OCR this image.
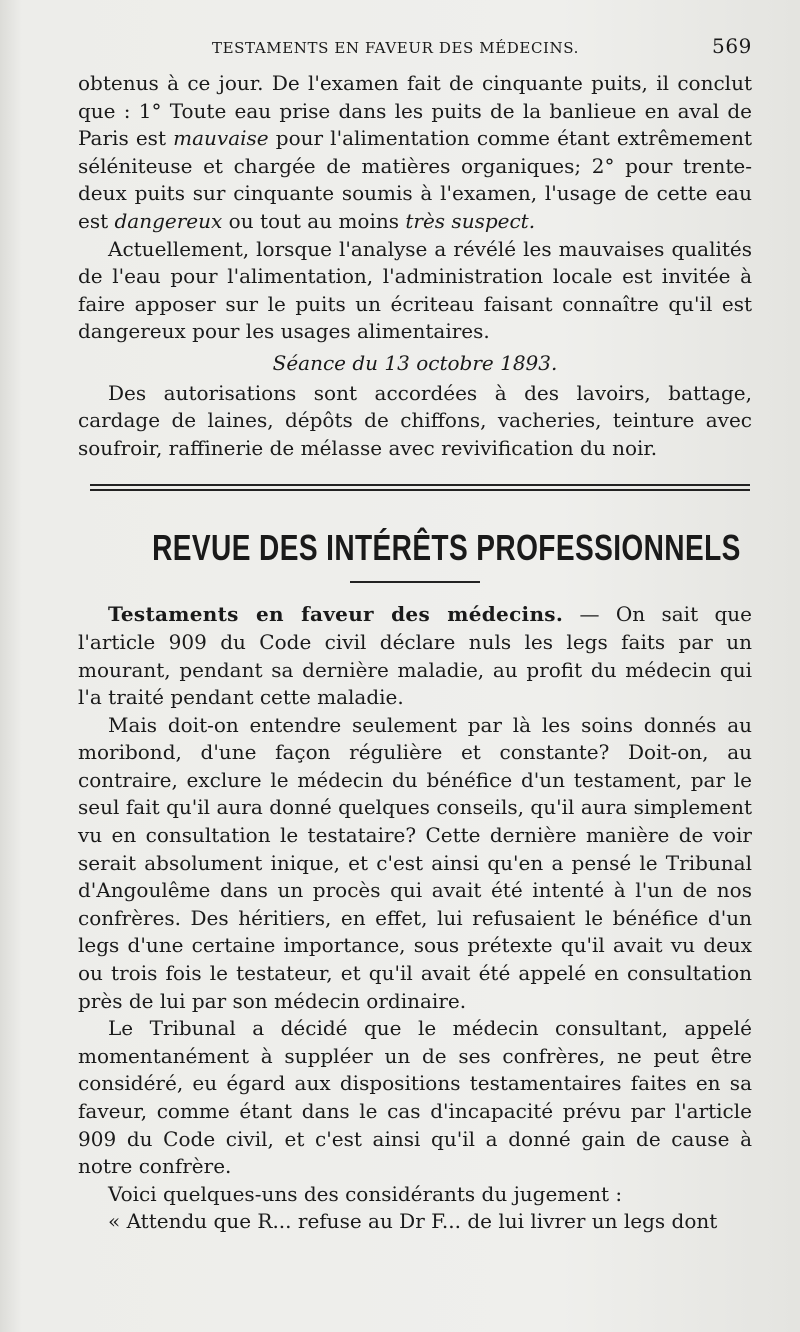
TESTAMENTS EN FAVEUR DES MÉDECINS.	569

obtenus à ce jour. De l'examen fait de cinquante puits, il conclut que : 1° Toute eau prise dans les puits de la banlieue en aval de Paris est mauvaise pour l'alimentation comme étant extrêmement séléniteuse et chargée de matières organiques; 2° pour trente-deux puits sur cinquante soumis à l'examen, l'usage de cette eau est dangereux ou tout au moins très suspect.

Actuellement, lorsque l'analyse a révélé les mauvaises qualités de l'eau pour l'alimentation, l'administration locale est invitée à faire apposer sur le puits un écriteau faisant connaître qu'il est dangereux pour les usages alimentaires.

Séance du 13 octobre 1893.

Des autorisations sont accordées à des lavoirs, battage, cardage de laines, dépôts de chiffons, vacheries, teinture avec soufroir, raffinerie de mélasse avec revivification du noir.

REVUE DES INTÉRÊTS PROFESSIONNELS

Testaments en faveur des médecins. — On sait que l'article 909 du Code civil déclare nuls les legs faits par un mourant, pendant sa dernière maladie, au profit du médecin qui l'a traité pendant cette maladie.

Mais doit-on entendre seulement par là les soins donnés au moribond, d'une façon régulière et constante? Doit-on, au contraire, exclure le médecin du bénéfice d'un testament, par le seul fait qu'il aura donné quelques conseils, qu'il aura simplement vu en consultation le testataire? Cette dernière manière de voir serait absolument inique, et c'est ainsi qu'en a pensé le Tribunal d'Angoulême dans un procès qui avait été intenté à l'un de nos confrères. Des héritiers, en effet, lui refusaient le bénéfice d'un legs d'une certaine importance, sous prétexte qu'il avait vu deux ou trois fois le testateur, et qu'il avait été appelé en consultation près de lui par son médecin ordinaire.

Le Tribunal a décidé que le médecin consultant, appelé momentanément à suppléer un de ses confrères, ne peut être considéré, eu égard aux dispositions testamentaires faites en sa faveur, comme étant dans le cas d'incapacité prévu par l'article 909 du Code civil, et c'est ainsi qu'il a donné gain de cause à notre confrère.

Voici quelques-uns des considérants du jugement :

« Attendu que R... refuse au Dr F... de lui livrer un legs dont
